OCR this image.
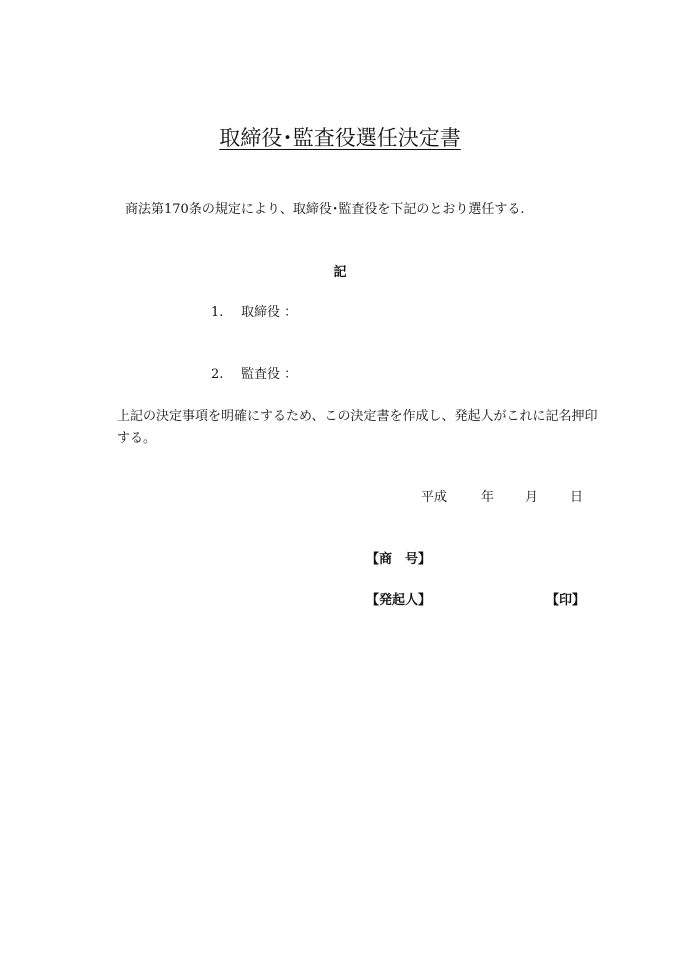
取締役･監査役選任決定書
商法第170条の規定により、取締役･監査役を下記のとおり選任する.
記
1. 取締役 ：
2. 監査役 ：
上記の決定事項を明確にするため、この決定書を作成し、発起人がこれに記名押印
する。
平成	年 月 日
【商　号】
【発起人】	【印】
